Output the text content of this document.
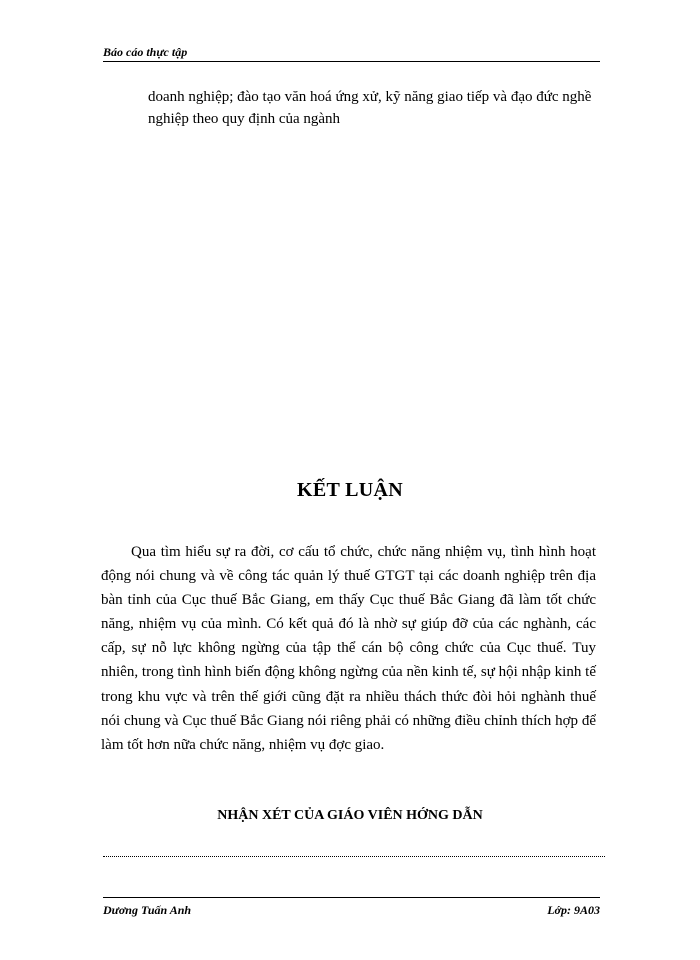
Báo cáo thực tập

doanh nghiệp; đào tạo văn hoá ứng xử, kỹ năng giao tiếp và đạo đức nghề nghiệp theo quy định của ngành

KẾT LUẬN

Qua tìm hiểu sự ra đời, cơ cấu tổ chức, chức năng nhiệm vụ, tình hình hoạt động nói chung và về công tác quản lý thuế GTGT tại các doanh nghiệp trên địa bàn tỉnh của Cục thuế Bắc Giang, em thấy Cục thuế Bắc Giang đã làm tốt chức năng, nhiệm vụ của mình. Có kết quả đó là nhờ sự giúp đỡ của các nghành, các cấp, sự nỗ lực không ngừng của tập thể cán bộ công chức của Cục thuế. Tuy nhiên, trong tình hình biến động không ngừng của nền kinh tế, sự hội nhập kinh tế trong khu vực và trên thế giới cũng đặt ra nhiều thách thức đòi hỏi nghành thuế nói chung và Cục thuế Bắc Giang nói riêng phải có những điều chỉnh thích hợp để làm tốt hơn nữa chức năng, nhiệm vụ đợc giao.

NHẬN XÉT CỦA GIÁO VIÊN HỚNG DẪN
Dương Tuấn Anh	Lớp: 9A03
